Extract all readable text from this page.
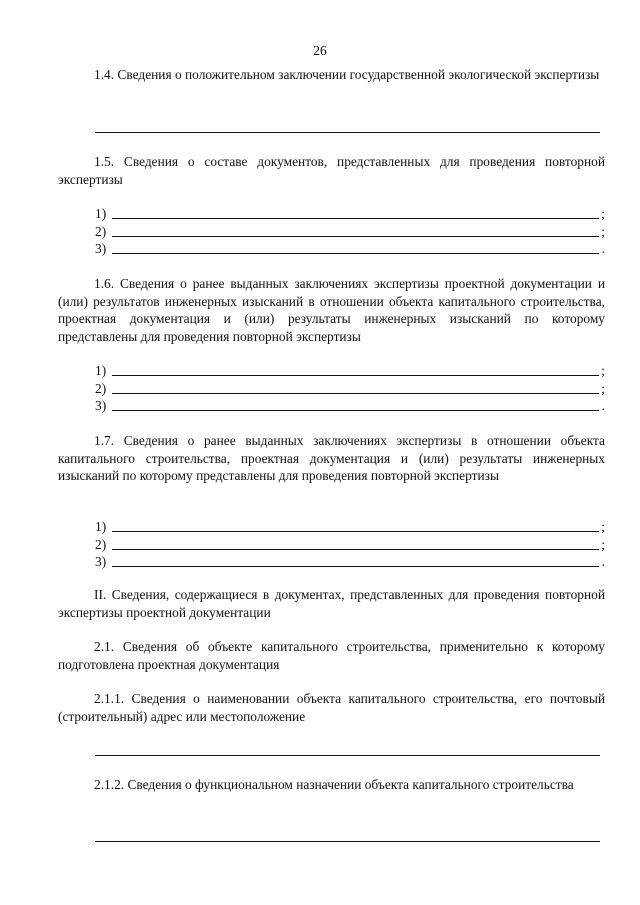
26

1.4. Сведения о положительном заключении государственной экологической экспертизы

1.5. Сведения о составе документов, представленных для проведения повторной экспертизы

1)	;
2)	;
3)	.

1.6. Сведения о ранее выданных заключениях экспертизы проектной документации и (или) результатов инженерных изысканий в отношении объекта капитального строительства, проектная документация и (или) результаты инженерных изысканий по которому представлены для проведения повторной экспертизы

1)	;
2)	;
3)	.

1.7. Сведения о ранее выданных заключениях экспертизы в отношении объекта капитального строительства, проектная документация и (или) результаты инженерных изысканий по которому представлены для проведения повторной экспертизы

1)	;
2)	;
3)	.

II. Сведения, содержащиеся в документах, представленных для проведения повторной экспертизы проектной документации

2.1. Сведения об объекте капитального строительства, применительно к которому подготовлена проектная документация

2.1.1. Сведения о наименовании объекта капитального строительства, его почтовый (строительный) адрес или местоположение

2.1.2. Сведения о функциональном назначении объекта капитального строительства
